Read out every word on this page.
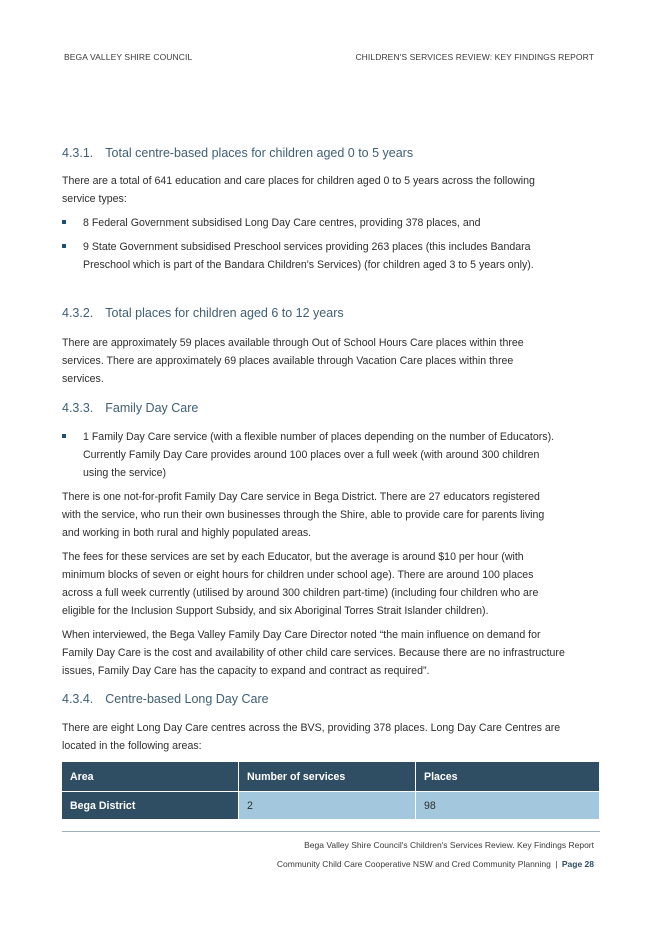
BEGA VALLEY SHIRE COUNCIL	CHILDREN'S SERVICES REVIEW: KEY FINDINGS REPORT
4.3.1. Total centre-based places for children aged 0 to 5 years

There are a total of 641 education and care places for children aged 0 to 5 years across the following
service types:

8 Federal Government subsidised Long Day Care centres, providing 378 places, and
9 State Government subsidised Preschool services providing 263 places (this includes Bandara
Preschool which is part of the Bandara Children's Services) (for children aged 3 to 5 years only).
4.3.2. Total places for children aged 6 to 12 years

There are approximately 59 places available through Out of School Hours Care places within three
services. There are approximately 69 places available through Vacation Care places within three
services.

4.3.3. Family Day Care
1 Family Day Care service (with a flexible number of places depending on the number of Educators).
Currently Family Day Care provides around 100 places over a full week (with around 300 children
using the service)

There is one not-for-profit Family Day Care service in Bega District. There are 27 educators registered
with the service, who run their own businesses through the Shire, able to provide care for parents living
and working in both rural and highly populated areas.

The fees for these services are set by each Educator, but the average is around $10 per hour (with
minimum blocks of seven or eight hours for children under school age). There are around 100 places
across a full week currently (utilised by around 300 children part-time) (including four children who are
eligible for the Inclusion Support Subsidy, and six Aboriginal Torres Strait Islander children).

When interviewed, the Bega Valley Family Day Care Director noted “the main influence on demand for
Family Day Care is the cost and availability of other child care services. Because there are no infrastructure
issues, Family Day Care has the capacity to expand and contract as required”.

4.3.4. Centre-based Long Day Care

There are eight Long Day Care centres across the BVS, providing 378 places. Long Day Care Centres are
located in the following areas:

Area	Number of services	Places
Bega District	2	98
Bega Valley Shire Council's Children's Services Review. Key Findings Report
Community Child Care Cooperative NSW and Cred Community Planning | Page 28
